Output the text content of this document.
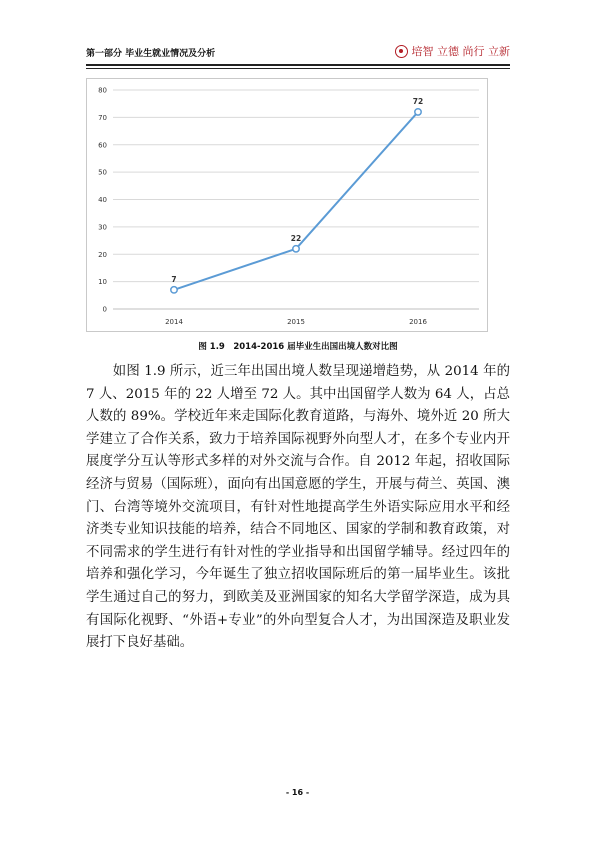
第一部分 毕业生就业情况及分析	培智 立德 尚行 立新
0
10
20
30
40
50
60
70
80
2014	2015	2016
7
22
72
图 1.9　2014-2016 届毕业生出国出境人数对比图

如图 1.9 所示，近三年出国出境人数呈现递增趋势，从 2014 年的 7 人、2015 年的 22 人增至 72 人。其中出国留学人数为 64 人，占总人数的 89%。学校近年来走国际化教育道路，与海外、境外近 20 所大学建立了合作关系，致力于培养国际视野外向型人才，在多个专业内开展度学分互认等形式多样的对外交流与合作。自 2012 年起，招收国际经济与贸易（国际班），面向有出国意愿的学生，开展与荷兰、英国、澳门、台湾等境外交流项目，有针对性地提高学生外语实际应用水平和经济类专业知识技能的培养，结合不同地区、国家的学制和教育政策，对不同需求的学生进行有针对性的学业指导和出国留学辅导。经过四年的培养和强化学习，今年诞生了独立招收国际班后的第一届毕业生。该批学生通过自己的努力，到欧美及亚洲国家的知名大学留学深造，成为具有国际化视野、“外语+专业”的外向型复合人才，为出国深造及职业发展打下良好基础。

- 16 -
